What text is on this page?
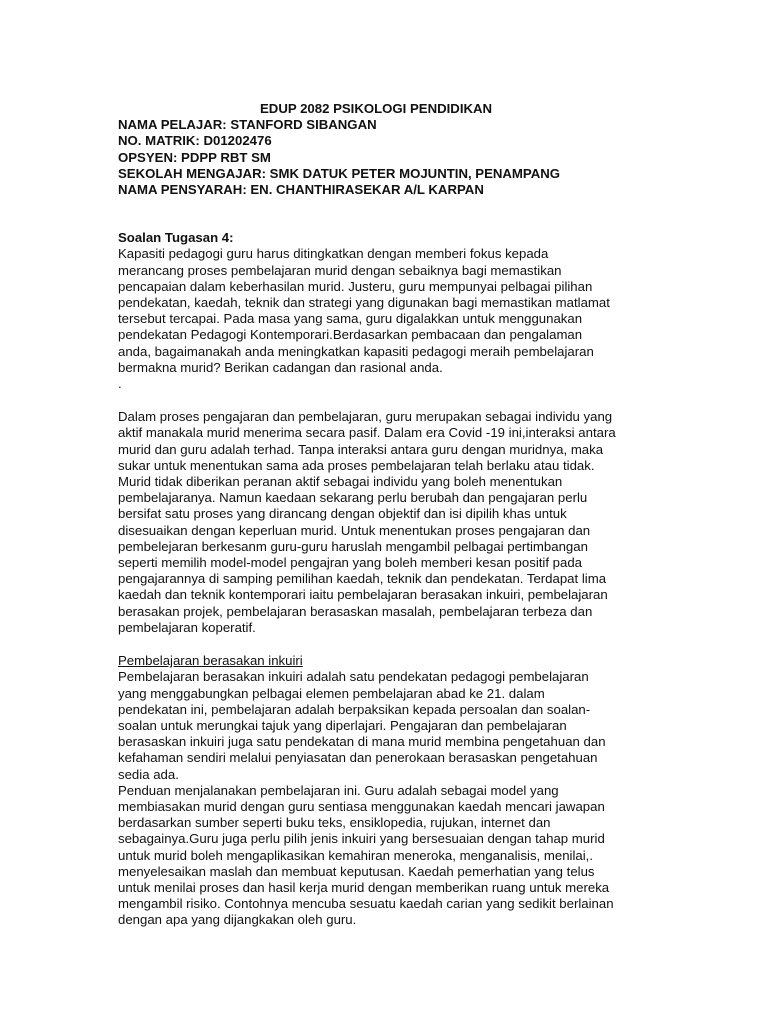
EDUP 2082 PSIKOLOGI PENDIDIKAN
NAMA PELAJAR: STANFORD SIBANGAN
NO. MATRIK: D01202476
OPSYEN: PDPP RBT SM
SEKOLAH MENGAJAR: SMK DATUK PETER MOJUNTIN, PENAMPANG
NAMA PENSYARAH: EN. CHANTHIRASEKAR A/L KARPAN
Soalan Tugasan 4:
Kapasiti pedagogi guru harus ditingkatkan dengan memberi fokus kepada
merancang proses pembelajaran murid dengan sebaiknya bagi memastikan
pencapaian dalam keberhasilan murid. Justeru, guru mempunyai pelbagai pilihan
pendekatan, kaedah, teknik dan strategi yang digunakan bagi memastikan matlamat
tersebut tercapai. Pada masa yang sama, guru digalakkan untuk menggunakan
pendekatan Pedagogi Kontemporari.Berdasarkan pembacaan dan pengalaman
anda, bagaimanakah anda meningkatkan kapasiti pedagogi meraih pembelajaran
bermakna murid? Berikan cadangan dan rasional anda.
.
Dalam proses pengajaran dan pembelajaran, guru merupakan sebagai individu yang
aktif manakala murid menerima secara pasif. Dalam era Covid -19 ini,interaksi antara
murid dan guru adalah terhad. Tanpa interaksi antara guru dengan muridnya, maka
sukar untuk menentukan sama ada proses pembelajaran telah berlaku atau tidak.
Murid tidak diberikan peranan aktif sebagai individu yang boleh menentukan
pembelajaranya. Namun kaedaan sekarang perlu berubah dan pengajaran perlu
bersifat satu proses yang dirancang dengan objektif dan isi dipilih khas untuk
disesuaikan dengan keperluan murid. Untuk menentukan proses pengajaran dan
pembelejaran berkesanm guru-guru haruslah mengambil pelbagai pertimbangan
seperti memilih model-model pengajran yang boleh memberi kesan positif pada
pengajarannya di samping pemilihan kaedah, teknik dan pendekatan. Terdapat lima
kaedah dan teknik kontemporari iaitu pembelajaran berasakan inkuiri, pembelajaran
berasakan projek, pembelajaran berasaskan masalah, pembelajaran terbeza dan
pembelajaran koperatif.
Pembelajaran berasakan inkuiri
Pembelajaran berasakan inkuiri adalah satu pendekatan pedagogi pembelajaran
yang menggabungkan pelbagai elemen pembelajaran abad ke 21. dalam
pendekatan ini, pembelajaran adalah berpaksikan kepada persoalan dan soalan-
soalan untuk merungkai tajuk yang diperlajari. Pengajaran dan pembelajaran
berasaskan inkuiri juga satu pendekatan di mana murid membina pengetahuan dan
kefahaman sendiri melalui penyiasatan dan penerokaan berasaskan pengetahuan
sedia ada.
Penduan menjalanakan pembelajaran ini. Guru adalah sebagai model yang
membiasakan murid dengan guru sentiasa menggunakan kaedah mencari jawapan
berdasarkan sumber seperti buku teks, ensiklopedia, rujukan, internet dan
sebagainya.Guru juga perlu pilih jenis inkuiri yang bersesuaian dengan tahap murid
untuk murid boleh mengaplikasikan kemahiran meneroka, menganalisis, menilai,.
menyelesaikan maslah dan membuat keputusan. Kaedah pemerhatian yang telus
untuk menilai proses dan hasil kerja murid dengan memberikan ruang untuk mereka
mengambil risiko. Contohnya mencuba sesuatu kaedah carian yang sedikit berlainan
dengan apa yang dijangkakan oleh guru.
